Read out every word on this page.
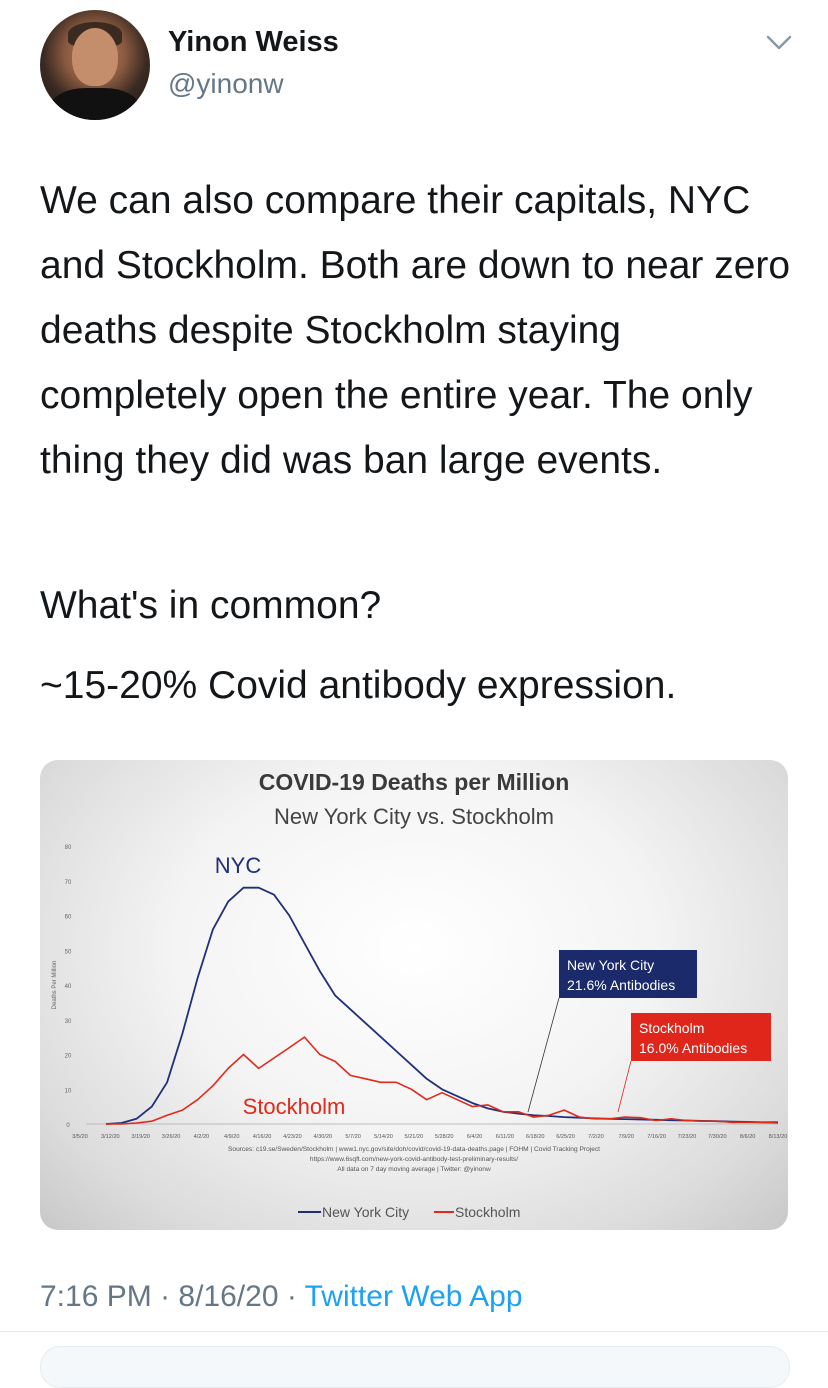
Yinon Weiss
@yinonw

We can also compare their capitals, NYC and Stockholm. Both are down to near zero deaths despite Stockholm staying completely open the entire year. The only thing they did was ban large events.

What's in common?
~15-20% Covid antibody expression.
COVID-19 Deaths per Million
New York City vs. Stockholm
0
10
20
30
40
50
60
70
80
Deaths Per Million
3/5/20 3/12/20 3/19/20 3/26/20 4/2/20	4/9/20 4/16/20 4/23/20 4/30/20 5/7/20 5/14/20 5/21/20 5/28/20 6/4/20 6/11/20 6/18/20 6/25/20 7/2/20	7/9/20 7/16/20 7/23/20 7/30/20 8/6/20 8/13/20
NYC
Stockholm
New York City
21.6% Antibodies
Stockholm
16.0% Antibodies
Sources: c19.se/Sweden/Stockholm | www1.nyc.gov/site/doh/covid/covid-19-data-deaths.page | FOHM | Covid Tracking Project
https://www.6sqft.com/new-york-covid-antibody-test-preliminary-results/
All data on 7 day moving average | Twitter: @yinonw
New York City	Stockholm
7:16 PM · 8/16/20 · Twitter Web App
